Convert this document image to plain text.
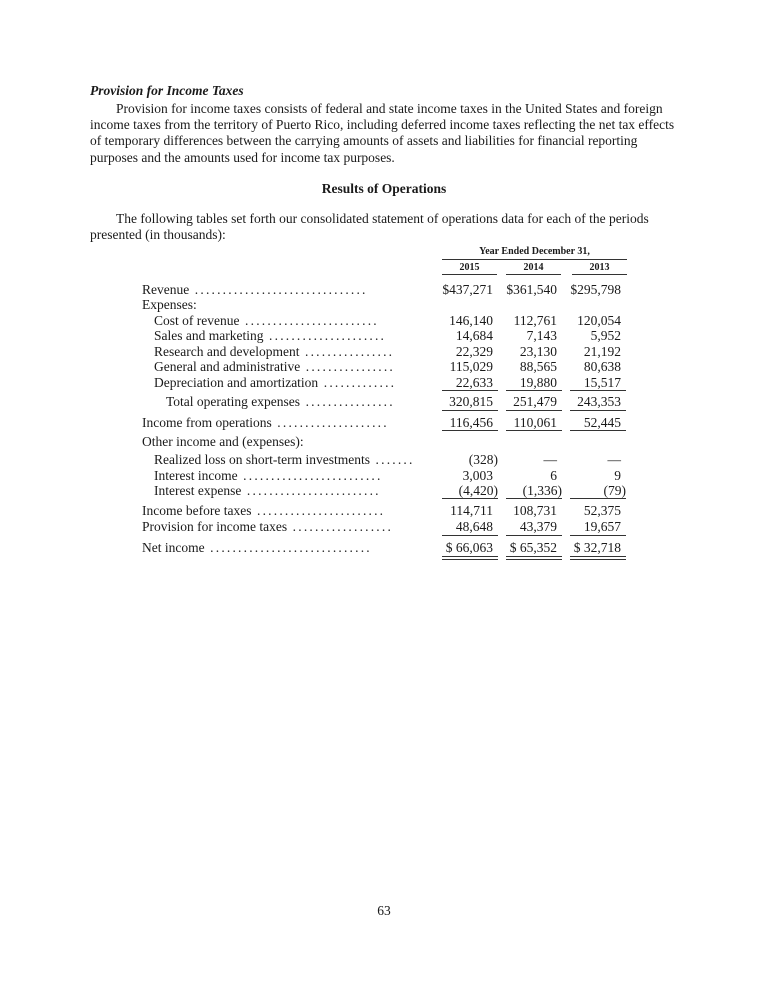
Provision for Income Taxes
Provision for income taxes consists of federal and state income taxes in the United States and foreign income taxes from the territory of Puerto Rico, including deferred income taxes reflecting the net tax effects of temporary differences between the carrying amounts of assets and liabilities for financial reporting purposes and the amounts used for income tax purposes.
Results of Operations
The following tables set forth our consolidated statement of operations data for each of the periods presented (in thousands):
Year Ended December 31,
2015	2014	2013
Revenue ...............................	$437,271 $361,540 $295,798
Expenses:
Cost of revenue ........................	146,140	112,761	120,054
Sales and marketing .....................	14,684	7,143	5,952
Research and development ................	22,329	23,130	21,192
General and administrative ................	115,029	88,565	80,638
Depreciation and amortization .............	22,633	19,880	15,517
Total operating expenses ................	320,815	251,479	243,353
Income from operations ....................	116,456	110,061	52,445
Other income and (expenses):
Realized loss on short-term investments .......	(328)	—	—
Interest income .........................	3,003	6	9
Interest expense ........................	(4,420)	(1,336)	(79)
Income before taxes .......................	114,711	108,731	52,375
Provision for income taxes ..................	48,648	43,379	19,657
Net income .............................	$ 66,063	$ 65,352	$ 32,718
63
